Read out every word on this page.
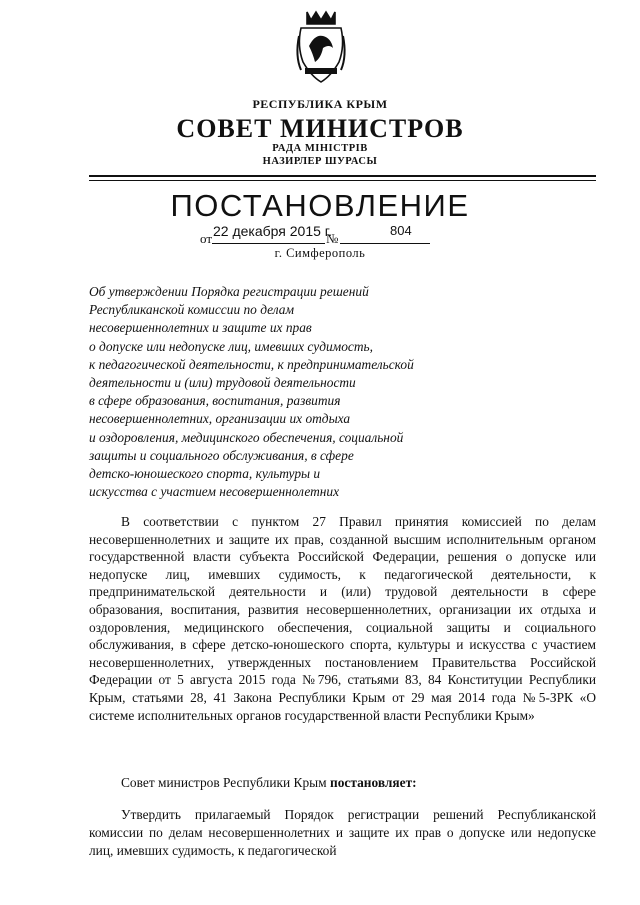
РЕСПУБЛИКА КРЫМ
СОВЕТ МИНИСТРОВ
РАДА МІНІСТРІВ
НАЗИРЛЕР ШУРАСЫ
ПОСТАНОВЛЕНИЕ
от 22 декабря 2015 г.
№
804
г. Симферополь
Об утверждении Порядка регистрации решений
Республиканской комиссии по делам
несовершеннолетних и защите их прав
о допуске или недопуске лиц, имевших судимость,
к педагогической деятельности, к предпринимательской
деятельности и (или) трудовой деятельности
в сфере образования, воспитания, развития
несовершеннолетних, организации их отдыха
и оздоровления, медицинского обеспечения, социальной
защиты и социального обслуживания, в сфере
детско-юношеского спорта, культуры и
искусства с участием несовершеннолетних

В соответствии с пунктом 27 Правил принятия комиссией по делам несовершеннолетних и защите их прав, созданной высшим исполнительным органом государственной власти субъекта Российской Федерации, решения о допуске или недопуске лиц, имевших судимость, к педагогической деятельности, к предпринимательской деятельности и (или) трудовой деятельности в сфере образования, воспитания, развития несовершеннолетних, организации их отдыха и оздоровления, медицинского обеспечения, социальной защиты и социального обслуживания, в сфере детско-юношеского спорта, культуры и искусства с участием несовершеннолетних, утвержденных постановлением Правительства Российской Федерации от 5 августа 2015 года №796, статьями 83, 84 Конституции Республики Крым, статьями 28, 41 Закона Республики Крым от 29 мая 2014 года №5-ЗРК «О системе исполнительных органов государственной власти Республики Крым»

Совет министров Республики Крым постановляет:
Утвердить прилагаемый Порядок регистрации решений Республиканской комиссии по делам несовершеннолетних и защите их прав о допуске или недопуске лиц, имевших судимость, к педагогической
